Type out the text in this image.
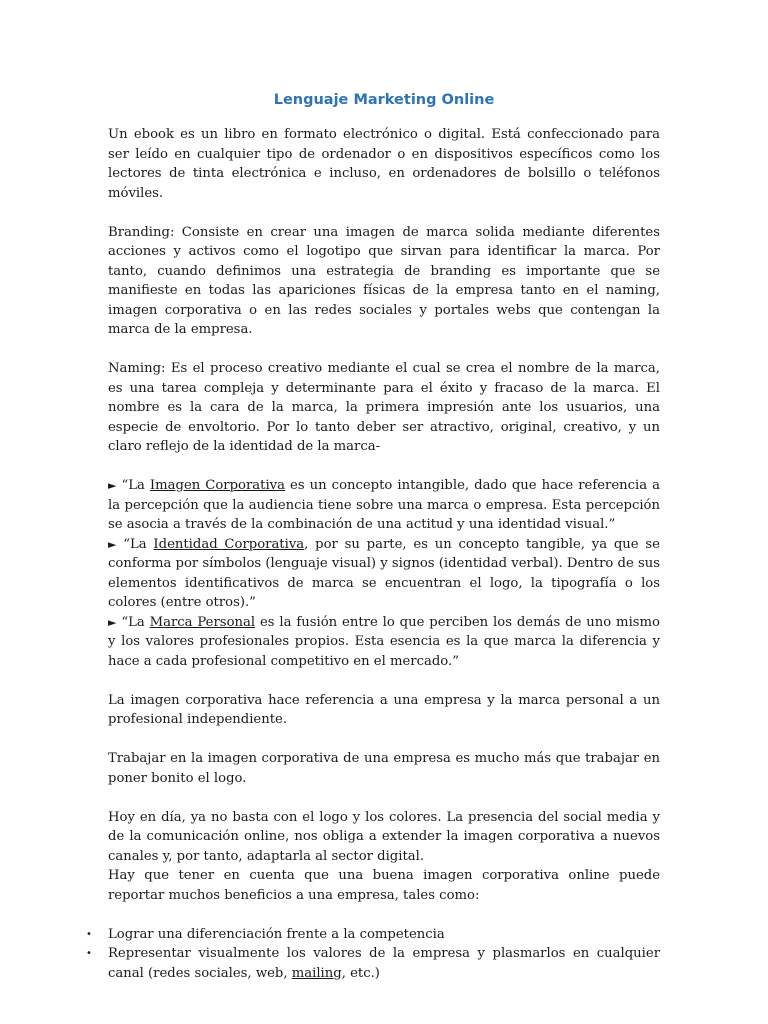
Lenguaje Marketing Online

Un ebook es un libro en formato electrónico o digital. Está confeccionado para ser leído en cualquier tipo de ordenador o en dispositivos específicos como los lectores de tinta electrónica e incluso, en ordenadores de bolsillo o teléfonos móviles.

Branding: Consiste en crear una imagen de marca solida mediante diferentes acciones y activos como el logotipo que sirvan para identificar la marca. Por tanto, cuando definimos una estrategia de branding es importante que se manifieste en todas las apariciones físicas de la empresa tanto en el naming, imagen corporativa o en las redes sociales y portales webs que contengan la marca de la empresa.

Naming: Es el proceso creativo mediante el cual se crea el nombre de la marca, es una tarea compleja y determinante para el éxito y fracaso de la marca. El nombre es la cara de la marca, la primera impresión ante los usuarios, una especie de envoltorio. Por lo tanto deber ser atractivo, original, creativo, y un claro reflejo de la identidad de la marca-

► “La Imagen Corporativa es un concepto intangible, dado que hace referencia a la percepción que la audiencia tiene sobre una marca o empresa. Esta percepción se asocia a través de la combinación de una actitud y una identidad visual.”

► “La Identidad Corporativa, por su parte, es un concepto tangible, ya que se conforma por símbolos (lenguaje visual) y signos (identidad verbal). Dentro de sus elementos identificativos de marca se encuentran el logo, la tipografía o los colores (entre otros).”

► “La Marca Personal es la fusión entre lo que perciben los demás de uno mismo y los valores profesionales propios. Esta esencia es la que marca la diferencia y hace a cada profesional competitivo en el mercado.”

La imagen corporativa hace referencia a una empresa y la marca personal a un profesional independiente.

Trabajar en la imagen corporativa de una empresa es mucho más que trabajar en poner bonito el logo.

Hoy en día, ya no basta con el logo y los colores. La presencia del social media y de la comunicación online, nos obliga a extender la imagen corporativa a nuevos canales y, por tanto, adaptarla al sector digital.

Hay que tener en cuenta que una buena imagen corporativa online puede reportar muchos beneficios a una empresa, tales como:

• Lograr una diferenciación frente a la competencia
• Representar visualmente los valores de la empresa y plasmarlos en cualquier canal (redes sociales, web, mailing, etc.)
